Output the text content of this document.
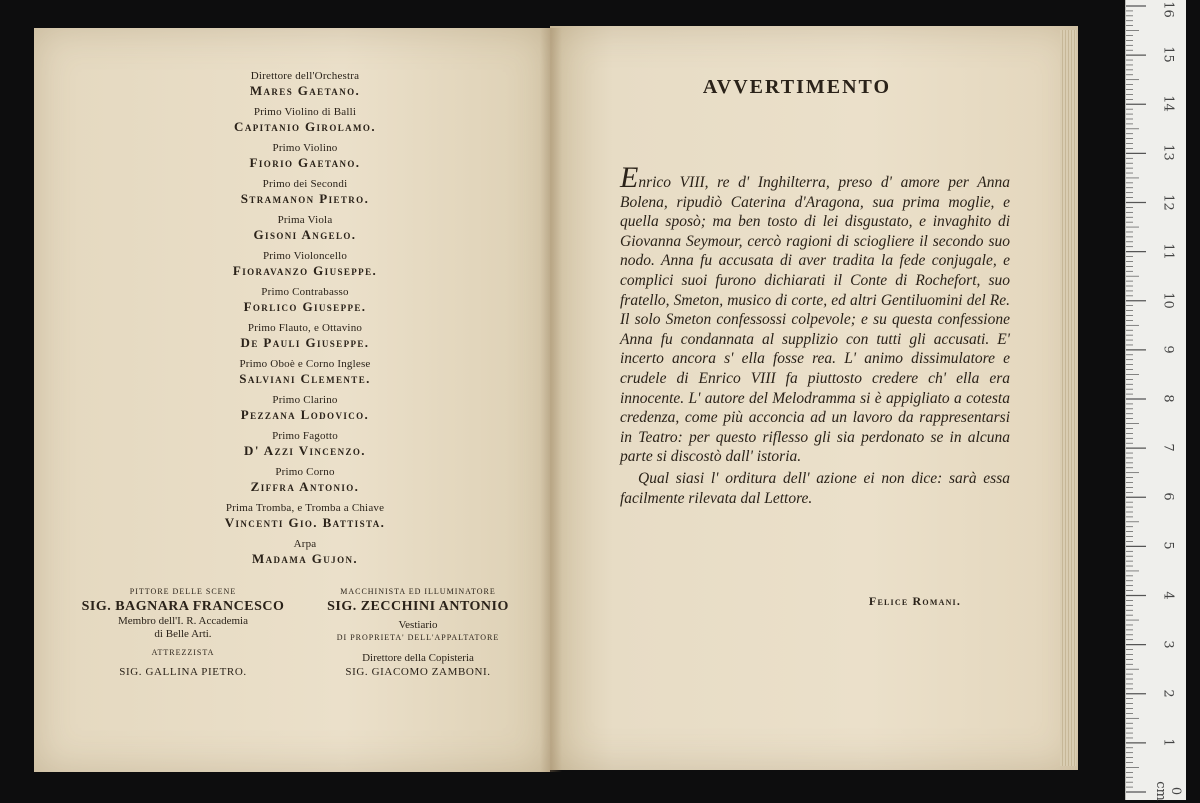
Direttore dell'Orchestra
Mares Gaetano.
Primo Violino di Balli
Capitanio Girolamo.
Primo Violino
Fiorio Gaetano.
Primo dei Secondi
Stramanon Pietro.
Prima Viola
Gisoni Angelo.
Primo Violoncello
Fioravanzo Giuseppe.
Primo Contrabasso
Forlico Giuseppe.
Primo Flauto, e Ottavino
De Pauli Giuseppe.
Primo Oboè e Corno Inglese
Salviani Clemente.
Primo Clarino
Pezzana Lodovico.
Primo Fagotto
D' Azzi Vincenzo.
Primo Corno
Ziffra Antonio.
Prima Tromba, e Tromba a Chiave
Vincenti Gio. Battista.
Arpa
Madama Gujon.
PITTORE DELLE SCENE
SIG. BAGNARA FRANCESCO
Membro dell'I. R. Accademia
di Belle Arti.
ATTREZZISTA
SIG. GALLINA PIETRO.
MACCHINISTA ED ILLUMINATORE
SIG. ZECCHINI ANTONIO
Vestiario
DI PROPRIETA' DELL'APPALTATORE
Direttore della Copisteria
SIG. GIACOMO ZAMBONI.
AVVERTIMENTO

Enrico VIII, re d' Inghilterra, preso d' amore per Anna Bolena, ripudiò Caterina d'Aragona, sua prima moglie, e quella sposò; ma ben tosto di lei disgustato, e invaghito di Giovanna Seymour, cercò ragioni di sciogliere il secondo suo nodo. Anna fu accusata di aver tradita la fede conjugale, e complici suoi furono dichiarati il Conte di Rochefort, suo fratello, Smeton, musico di corte, ed altri Gentiluomini del Re. Il solo Smeton confessossi colpevole; e su questa confessione Anna fu condannata al supplizio con tutti gli accusati. E' incerto ancora s' ella fosse rea. L' animo dissimulatore e crudele di Enrico VIII fa piuttosto credere ch' ella era innocente. L' autore del Melodramma si è appigliato a cotesta credenza, come più acconcia ad un lavoro da rappresentarsi in Teatro: per questo riflesso gli sia perdonato se in alcuna parte si discostò dall' istoria.

Qual siasi l' orditura dell' azione ei non dice: sarà essa facilmente rilevata dal Lettore.

Felice Romani.
16
15
14
13
12
11
10
9
8
7
6
5
4
3
2
1
0 cm
